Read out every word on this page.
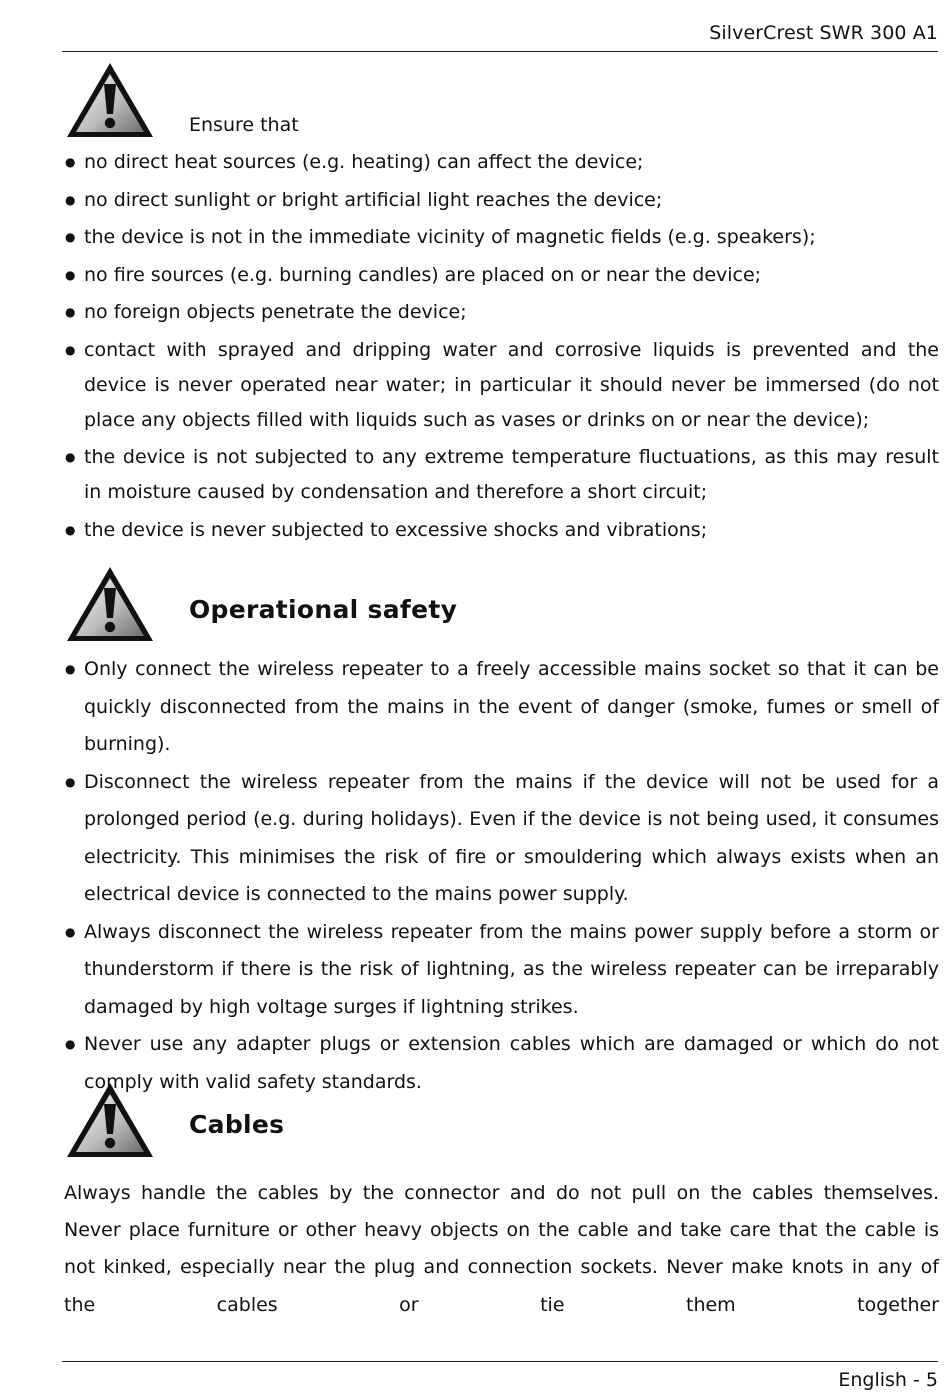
SilverCrest SWR 300 A1
Ensure that
● no direct heat sources (e.g. heating) can affect the device;
● no direct sunlight or bright artificial light reaches the device;
● the device is not in the immediate vicinity of magnetic fields (e.g. speakers);
● no fire sources (e.g. burning candles) are placed on or near the device;
● no foreign objects penetrate the device;
● contact with sprayed and dripping water and corrosive liquids is prevented and the device is never operated near water; in particular it should never be immersed (do not place any objects filled with liquids such as vases or drinks on or near the device);
● the device is not subjected to any extreme temperature fluctuations, as this may result in moisture caused by condensation and therefore a short circuit;
● the device is never subjected to excessive shocks and vibrations;
Operational safety
● Only connect the wireless repeater to a freely accessible mains socket so that it can be quickly disconnected from the mains in the event of danger (smoke, fumes or smell of burning).
● Disconnect the wireless repeater from the mains if the device will not be used for a prolonged period (e.g. during holidays). Even if the device is not being used, it consumes electricity. This minimises the risk of fire or smouldering which always exists when an electrical device is connected to the mains power supply.
● Always disconnect the wireless repeater from the mains power supply before a storm or thunderstorm if there is the risk of lightning, as the wireless repeater can be irreparably damaged by high voltage surges if lightning strikes.
● Never use any adapter plugs or extension cables which are damaged or which do not comply with valid safety standards.
Cables
Always handle the cables by the connector and do not pull on the cables themselves. Never place furniture or other heavy objects on the cable and take care that the cable is not kinked, especially near the plug and connection sockets. Never make knots in any of the cables or tie them together
English - 5
